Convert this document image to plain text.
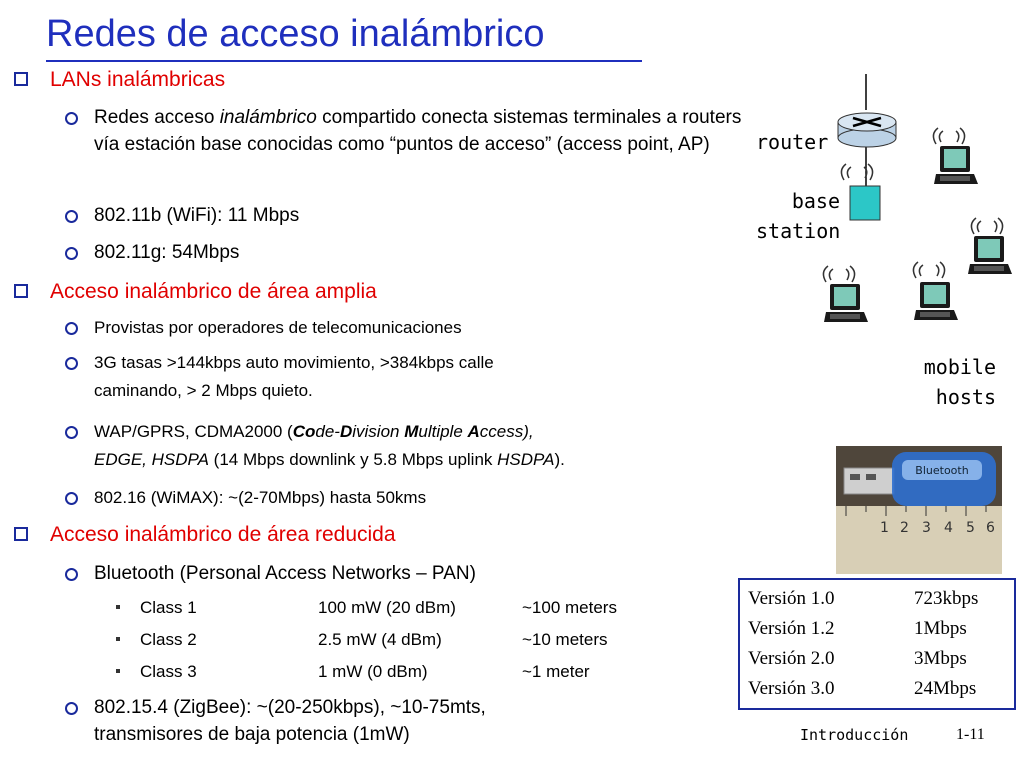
Redes de acceso inalámbrico
LANs inalámbricas
Redes acceso inalámbrico compartido conecta sistemas terminales a routers vía estación base conocidas como “puntos de acceso” (access point, AP)
802.11b (WiFi): 11 Mbps
802.11g: 54Mbps
Acceso inalámbrico de área amplia
Provistas por operadores de telecomunicaciones
3G tasas >144kbps auto movimiento, >384kbps calle
caminando, > 2 Mbps quieto.
WAP/GPRS, CDMA2000 (Code-Division Multiple Access),
EDGE, HSDPA (14 Mbps downlink y 5.8 Mbps uplink HSDPA).
802.16 (WiMAX): ~(2-70Mbps) hasta 50kms
Acceso inalámbrico de área reducida
Bluetooth (Personal Access Networks – PAN)
Class 1	100 mW (20 dBm)	~100 meters
Class 2	2.5 mW (4 dBm)	~10 meters
Class 3	1 mW (0 dBm)	~1 meter
802.15.4 (ZigBee): ~(20-250kbps), ~10-75mts,
transmisores de baja potencia (1mW)
router
base
station
mobile
hosts
1 2 3 4 5 6
Bluetooth
Versión 1.0	723kbps
Versión 1.2	1Mbps
Versión 2.0	3Mbps
Versión 3.0	24Mbps
Introducción	1-11
